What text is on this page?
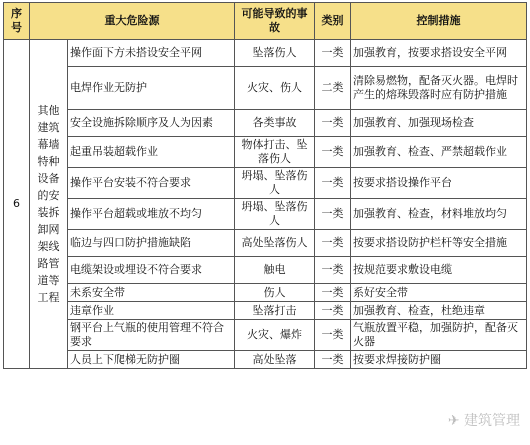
序号	重大危险源		可能导致的事故	类别	控制措施
6	其他建筑幕墙特种设备的安装拆卸网架线路管道等工程	操作面下方未搭设安全平网	坠落伤人	一类	加强教育，按要求搭设安全平网
		电焊作业无防护	火灾、伤人	二类	清除易燃物，配备灭火器。电焊时产生的熔珠毁落时应有防护措施
		安全设施拆除顺序及人为因素	各类事故	一类	加强教育、加强现场检查
		起重吊装超载作业	物体打击、坠落伤人	一类	加强教育、检查、严禁超载作业
		操作平台安装不符合要求	坍塌、坠落伤人	一类	按要求搭设操作平台
		操作平台超载或堆放不均匀	坍塌、坠落伤人	一类	加强教育、检查，材料堆放均匀
		临边与四口防护措施缺陷	高处坠落伤人	一类	按要求搭设防护栏杆等安全措施
		电缆架设或埋设不符合要求	触电	一类	按规范要求敷设电缆
		未系安全带	伤人	一类	系好安全带
		违章作业	坠落打击	一类	加强教育、检查，杜绝违章
		钢平台上气瓶的使用管理不符合要求	火灾、爆炸	一类	气瓶放置平稳，加强防护，配备灭火器
		人员上下爬梯无防护圈	高处坠落	一类	按要求焊接防护圈
✈ 建筑管理
